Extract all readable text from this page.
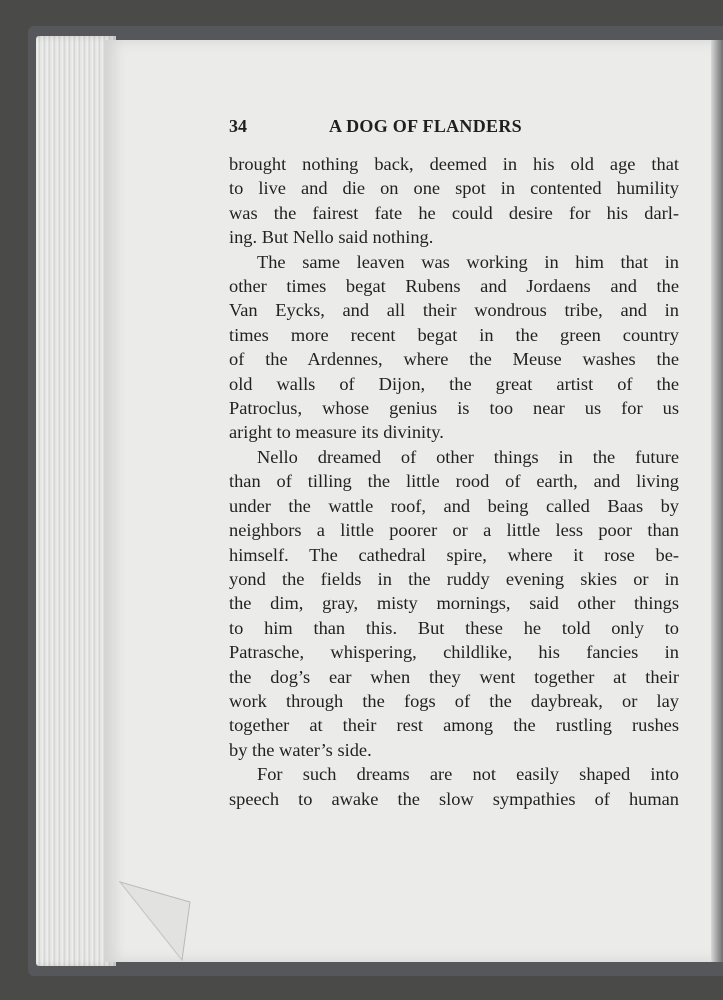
34	A DOG OF FLANDERS
brought nothing back, deemed in his old age that
to live and die on one spot in contented humility
was the fairest fate he could desire for his darl-
ing. But Nello said nothing.
The same leaven was working in him that in
other times begat Rubens and Jordaens and the
Van Eycks, and all their wondrous tribe, and in
times more recent begat in the green country
of the Ardennes, where the Meuse washes the
old walls of Dijon, the great artist of the
Patroclus, whose genius is too near us for us
aright to measure its divinity.
Nello dreamed of other things in the future
than of tilling the little rood of earth, and living
under the wattle roof, and being called Baas by
neighbors a little poorer or a little less poor than
himself. The cathedral spire, where it rose be-
yond the fields in the ruddy evening skies or in
the dim, gray, misty mornings, said other things
to him than this. But these he told only to
Patrasche, whispering, childlike, his fancies in
the dog’s ear when they went together at their
work through the fogs of the daybreak, or lay
together at their rest among the rustling rushes
by the water’s side.
For such dreams are not easily shaped into
speech to awake the slow sympathies of human
